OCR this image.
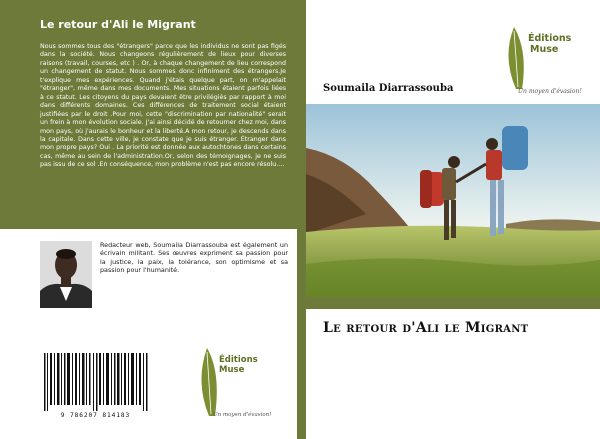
Le retour d'Ali le Migrant

Nous sommes tous des "étrangers" parce que les individus ne sont pas figés dans la société. Nous changeons régulièrement de lieux pour diverses raisons (travail, courses, etc ) . Or, à chaque changement de lieu correspond un changement de statut. Nous sommes donc infiniment des étrangers.Je t'explique mes expériences. Quand j'étais quelque part, on m'appelait "étranger", même dans mes documents. Mes situations étaient parfois liées à ce statut. Les citoyens du pays devaient être privilégiés par rapport à moi dans différents domaines. Ces différences de traitement social étaient justifiées par le droit .Pour moi, cette "discrimination par nationalité" serait un frein à mon évolution sociale. J'ai ainsi décidé de retourner chez moi, dans mon pays, où j'aurais le bonheur et la liberté.A mon retour, je descends dans la capitale. Dans cette ville, je constate que je suis étranger. Étranger dans mon propre pays? Oui . La priorité est donnée aux autochtones dans certains cas, même au sein de l'administration.Or, selon des témoignages, je ne suis pas issu de ce sol .En conséquence, mon problème n'est pas encore résolu....

Redacteur web, Soumaila Diarrassouba est également un écrivain militant. Ses œuvres expriment sa passion pour la justice, la paix, la tolérance, son optimisme et sa passion pour l'humanité.

9 786207 814183
Éditions
Muse
Un moyen d'évasion!
Éditions
Muse
Un moyen d'évasion!
Soumaila Diarrassouba
Le retour d'Ali le Migrant
